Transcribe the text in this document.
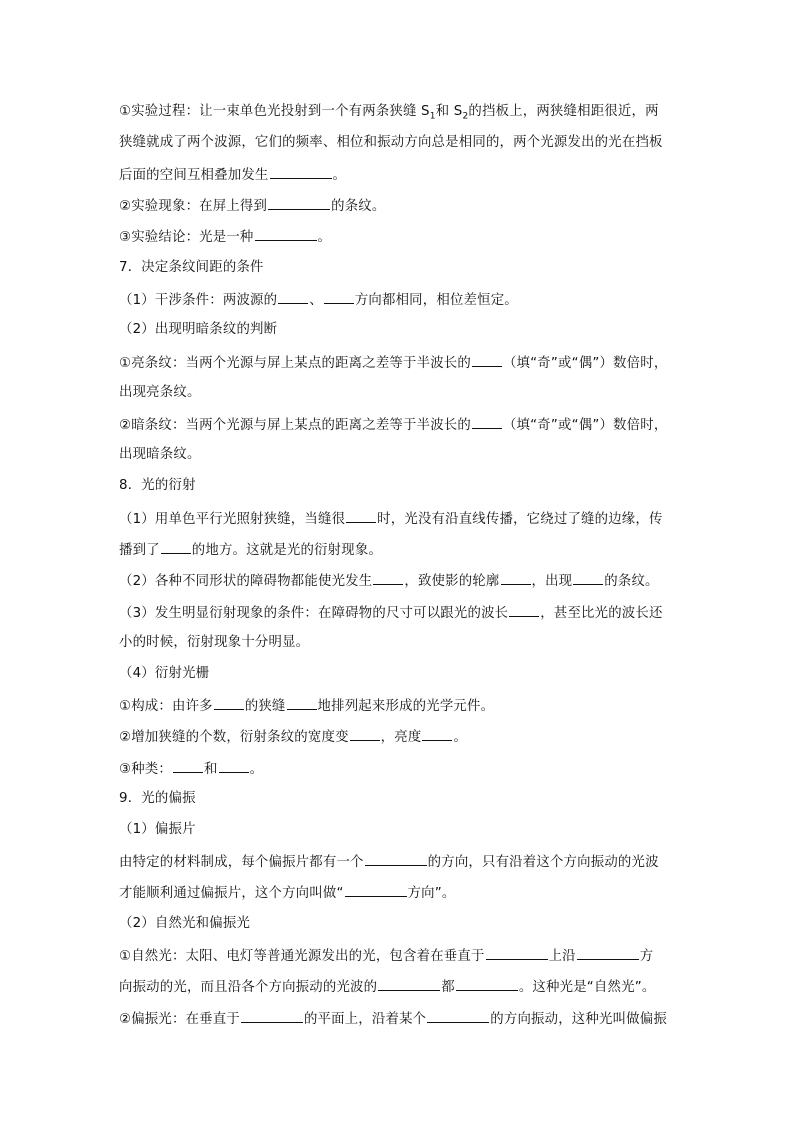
①实验过程：让一束单色光投射到一个有两条狭缝 $S_1$和 $S_2$的挡板上，两狭缝相距很近，两
狭缝就成了两个波源，它们的频率、相位和振动方向总是相同的，两个光源发出的光在挡板
后面的空间互相叠加发生	。
②实验现象：在屏上得到	的条纹。
③实验结论：光是一种	。
7．决定条纹间距的条件
（1）干涉条件：两波源的 、 方向都相同，相位差恒定。
（2）出现明暗条纹的判断
①亮条纹：当两个光源与屏上某点的距离之差等于半波长的 （填“奇”或“偶”）数倍时，
出现亮条纹。
②暗条纹：当两个光源与屏上某点的距离之差等于半波长的 （填“奇”或“偶”）数倍时，
出现暗条纹。
8．光的衍射
（1）用单色平行光照射狭缝，当缝很 时，光没有沿直线传播，它绕过了缝的边缘，传
播到了 的地方。这就是光的衍射现象。
（2）各种不同形状的障碍物都能使光发生 ，致使影的轮廓 ，出现 的条纹。
（3）发生明显衍射现象的条件：在障碍物的尺寸可以跟光的波长 ，甚至比光的波长还
小的时候，衍射现象十分明显。
（4）衍射光栅
①构成：由许多 的狭缝 地排列起来形成的光学元件。
②增加狭缝的个数，衍射条纹的宽度变 ，亮度 。
③种类： 和 。
9．光的偏振
（1）偏振片
由特定的材料制成，每个偏振片都有一个	的方向，只有沿着这个方向振动的光波
才能顺利通过偏振片，这个方向叫做“	方向”。
（2）自然光和偏振光
①自然光：太阳、电灯等普通光源发出的光，包含着在垂直于	上沿	方
向振动的光，而且沿各个方向振动的光波的	都	。这种光是“自然光”。
②偏振光：在垂直于	的平面上，沿着某个	的方向振动，这种光叫做偏振
